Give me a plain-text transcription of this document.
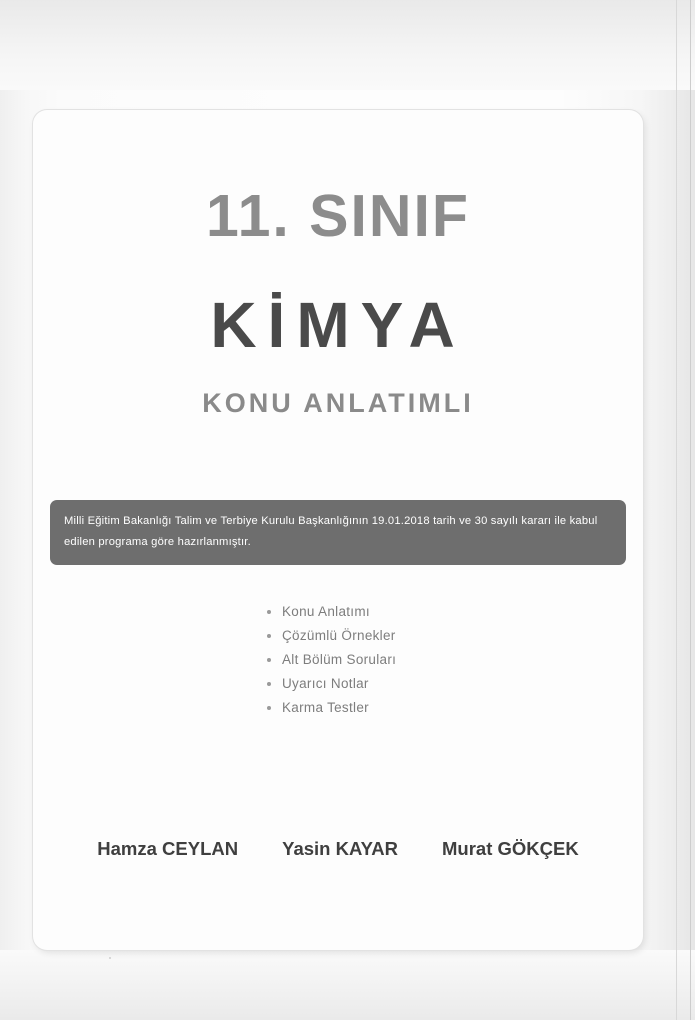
11. SINIF
KİMYA
KONU ANLATIMLI
Milli Eğitim Bakanlığı Talim ve Terbiye Kurulu Başkanlığının 19.01.2018 tarih ve 30 sayılı kararı ile kabul edilen programa göre hazırlanmıştır.
Konu Anlatımı
Çözümlü Örnekler
Alt Bölüm Soruları
Uyarıcı Notlar
Karma Testler
Hamza CEYLAN Yasin KAYAR Murat GÖKÇEK
